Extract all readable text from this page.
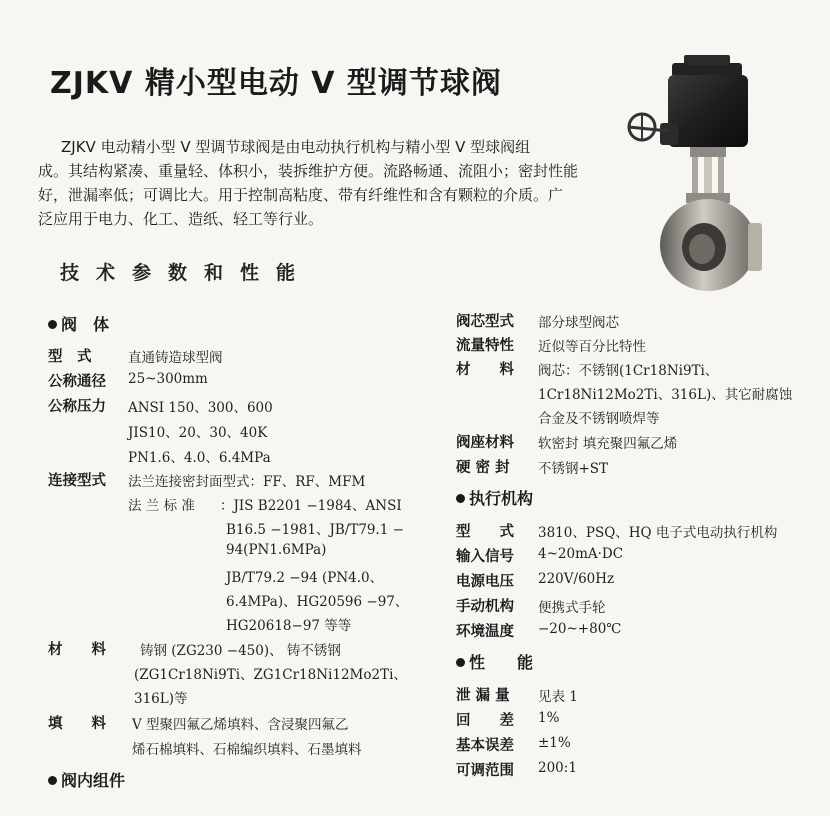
ZJKV 精小型电动 V 型调节球阀
ZJKV 电动精小型 V 型调节球阀是由电动执行机构与精小型 V 型球阀组
成。其结构紧凑、重量轻、体积小，装拆维护方便。流路畅通、流阻小；密封性能
好，泄漏率低；可调比大。用于控制高粘度、带有纤维性和含有颗粒的介质。广
泛应用于电力、化工、造纸、轻工等行业。
技术参数和性能
阀　体
型　式	直通铸造球型阀
公称通径 25~300mm
公称压力 ANSI 150、300、600
JIS10、20、30、40K
PN1.6、4.0、6.4MPa
连接型式 法兰连接密封面型式：FF、RF、MFM
法 兰 标 准 ：JIS B2201 −1984、ANSI
B16.5 −1981、JB/T79.1 −
94(PN1.6MPa)
JB/T79.2 −94 (PN4.0、
6.4MPa)、HG20596 −97、
HG20618−97 等等
材　　料	铸钢 (ZG230 −450)、 铸不锈钢
(ZG1Cr18Ni9Ti、ZG1Cr18Ni12Mo2Ti、
316L)等
填　　料 V 型聚四氟乙烯填料、含浸聚四氟乙
烯石棉填料、石棉编织填料、石墨填料
阀内组件
阀芯型式 部分球型阀芯
流量特性 近似等百分比特性
材　　料 阀芯：不锈钢(1Cr18Ni9Ti、
1Cr18Ni12Mo2Ti、316L)、其它耐腐蚀
合金及不锈钢喷焊等
阀座材料 软密封 填充聚四氟乙烯
硬 密 封 不锈钢+ST
执行机构
型　　式 3810、PSQ、HQ 电子式电动执行机构
输入信号 4~20mA·DC
电源电压 220V/60Hz
手动机构 便携式手轮
环境温度 −20~+80℃
性　　能
泄 漏 量 见表 1
回　　差 1%
基本误差 ±1%
可调范围 200:1
